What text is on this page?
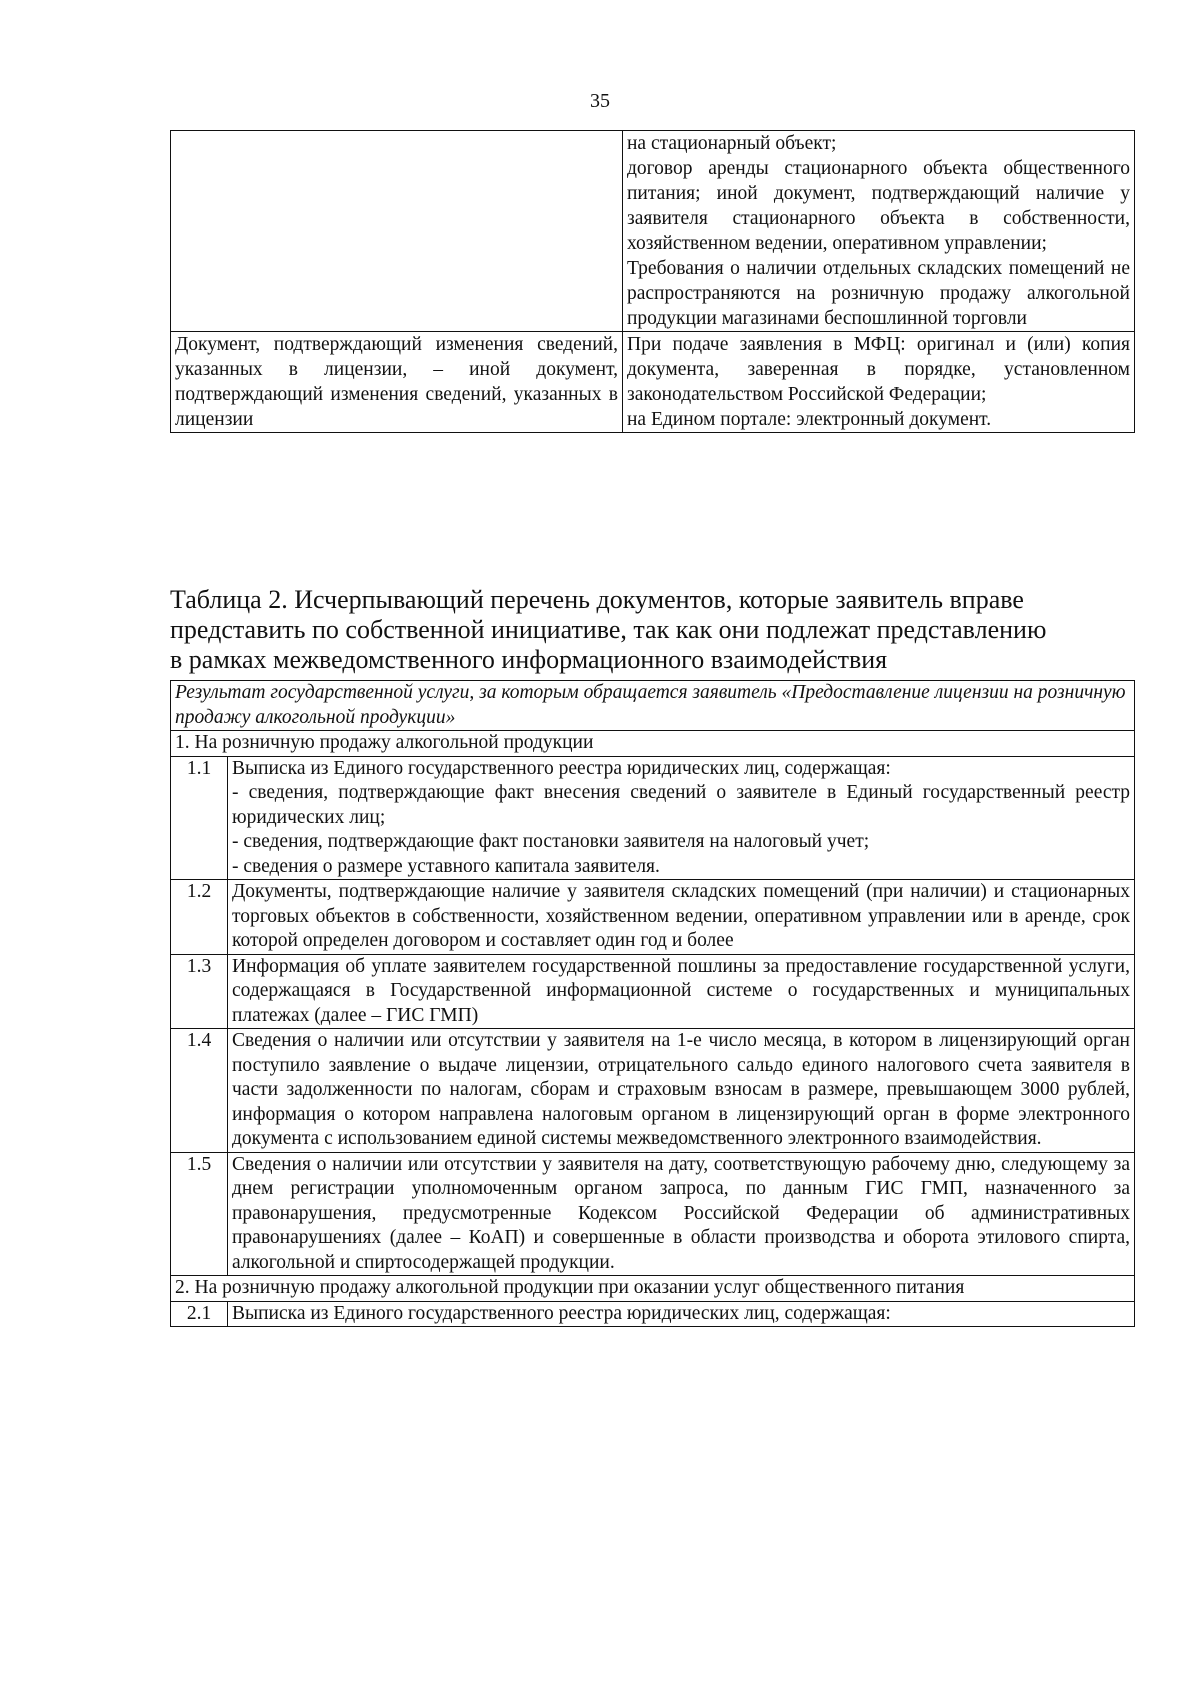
35

	на стационарный объект;
договор аренды стационарного объекта общественного питания; иной документ, подтверждающий наличие у заявителя стационарного объекта в собственности, хозяйственном ведении, оперативном управлении;
Требования о наличии отдельных складских помещений не распространяются на розничную продажу алкогольной продукции магазинами беспошлинной торговли

Документ, подтверждающий изменения сведений, указанных в лицензии, – иной документ, подтверждающий изменения сведений, указанных в лицензии	При подаче заявления в МФЦ: оригинал и (или) копия документа, заверенная в порядке, установленном законодательством Российской Федерации;
на Едином портале: электронный документ.
Таблица 2. Исчерпывающий перечень документов, которые заявитель вправе
представить по собственной инициативе, так как они подлежат представлению
в рамках межведомственного информационного взаимодействия
Результат государственной услуги, за которым обращается заявитель «Предоставление лицензии на розничную продажу алкогольной продукции»	
1. На розничную продажу алкогольной продукции	
1.1	Выписка из Единого государственного реестра юридических лиц, содержащая:
- сведения, подтверждающие факт внесения сведений о заявителе в Единый государственный реестр юридических лиц;
- сведения, подтверждающие факт постановки заявителя на налоговый учет;
- сведения о размере уставного капитала заявителя.

1.2	Документы, подтверждающие наличие у заявителя складских помещений (при наличии) и стационарных торговых объектов в собственности, хозяйственном ведении, оперативном управлении или в аренде, срок которой определен договором и составляет один год и более
1.3	Информация об уплате заявителем государственной пошлины за предоставление государственной услуги, содержащаяся в Государственной информационной системе о государственных и муниципальных платежах (далее – ГИС ГМП)
1.4	Сведения о наличии или отсутствии у заявителя на 1-е число месяца, в котором в лицензирующий орган поступило заявление о выдаче лицензии, отрицательного сальдо единого налогового счета заявителя в части задолженности по налогам, сборам и страховым взносам в размере, превышающем 3000 рублей, информация о котором направлена налоговым органом в лицензирующий орган в форме электронного документа с использованием единой системы межведомственного электронного взаимодействия.
1.5	Сведения о наличии или отсутствии у заявителя на дату, соответствующую рабочему дню, следующему за днем регистрации уполномоченным органом запроса, по данным ГИС ГМП, назначенного за правонарушения, предусмотренные Кодексом Российской Федерации об административных правонарушениях (далее – КоАП) и совершенные в области производства и оборота этилового спирта, алкогольной и спиртосодержащей продукции.
2. На розничную продажу алкогольной продукции при оказании услуг общественного питания	
2.1	Выписка из Единого государственного реестра юридических лиц, содержащая:
